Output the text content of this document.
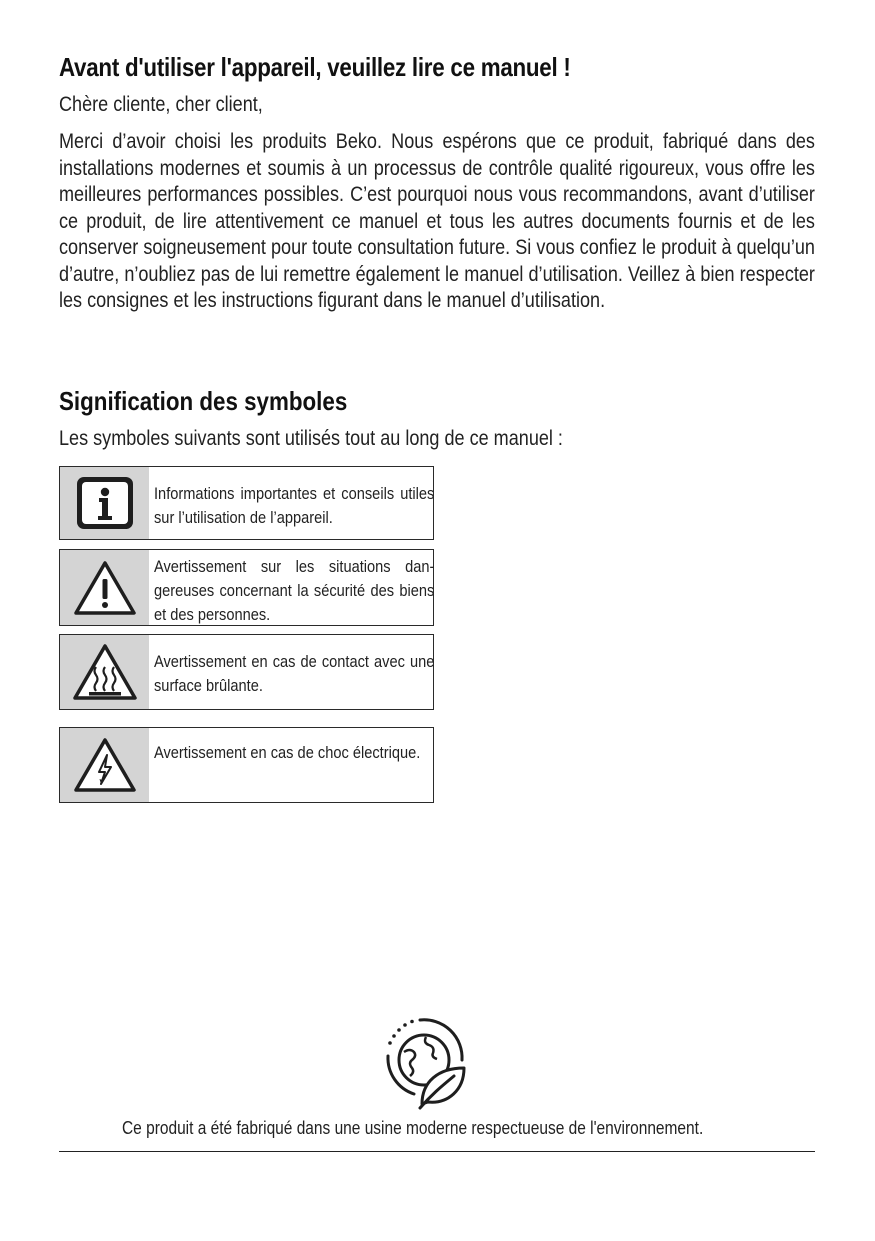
Avant d'utiliser l'appareil, veuillez lire ce manuel !

Chère cliente, cher client,

Merci d’avoir choisi les produits Beko. Nous espérons que ce produit, fabriqué dans des installations modernes et soumis à un processus de contrôle qualité rigoureux, vous offre les meilleures performances possibles. C’est pourquoi nous vous recommandons, avant d’utiliser ce produit, de lire attentivement ce manuel et tous les autres documents fournis et de les conserver soigneusement pour toute consultation future. Si vous confiez le produit à quelqu’un d’autre, n’oubliez pas de lui remettre également le manuel d’utilisation. Veillez à bien respecter les consignes et les instructions figurant dans le manuel d’utilisation.

Signification des symboles

Les symboles suivants sont utilisés tout au long de ce manuel :

Informations importantes et conseils utiles sur l’utilisation de l’appareil.
Avertissement sur les situations dangereuses concernant la sécurité des biens et des personnes.
Avertissement en cas de contact avec une surface brûlante.
Avertissement en cas de choc électrique.

Ce produit a été fabriqué dans une usine moderne respectueuse de l'environnement.
